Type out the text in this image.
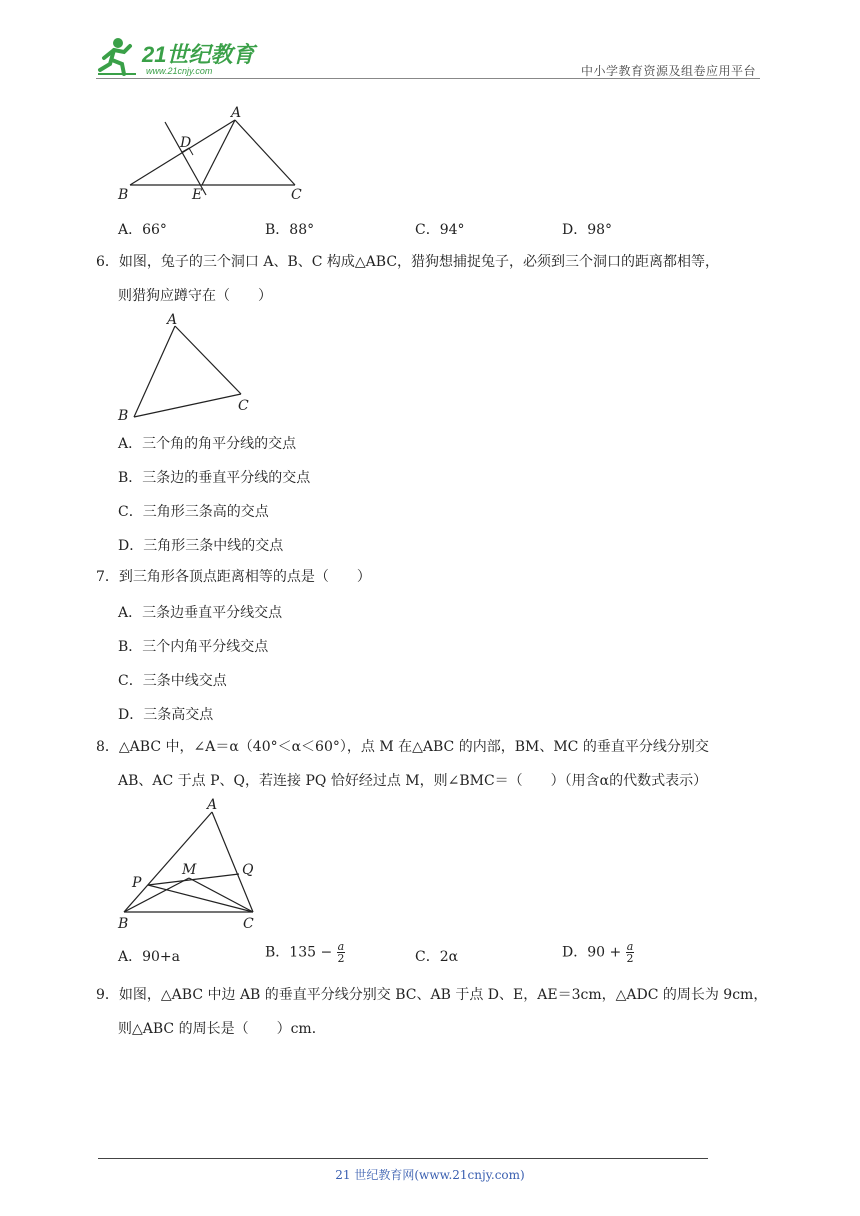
21世纪教育
www.21cnjy.com	中小学教育资源及组卷应用平台
A
D
B	E	C
A．66°	B．88°	C．94°	D．98°
6．如图，兔子的三个洞口 A、B、C 构成△ABC，猎狗想捕捉兔子，必须到三个洞口的距离都相等，
则猎狗应蹲守在（　　）
A
B
C
A．三个角的角平分线的交点
B．三条边的垂直平分线的交点
C．三角形三条高的交点
D．三角形三条中线的交点
7．到三角形各顶点距离相等的点是（　　）
A．三条边垂直平分线交点
B．三个内角平分线交点
C．三条中线交点
D．三条高交点
8．△ABC 中，∠A＝α（40°＜α＜60°），点 M 在△ABC 的内部，BM、MC 的垂直平分线分别交
AB、AC 于点 P、Q，若连接 PQ 恰好经过点 M，则∠BMC＝（　　）（用含α的代数式表示）
A
P
M	Q
B	C
A．90+a	B．$135 - \frac{a}{2}$	C．2α	D．$90 + \frac{a}{2}$
9．如图，△ABC 中边 AB 的垂直平分线分别交 BC、AB 于点 D、E，AE＝3cm，△ADC 的周长为 9cm，
则△ABC 的周长是（　　）cm．
21 世纪教育网(www.21cnjy.com)
